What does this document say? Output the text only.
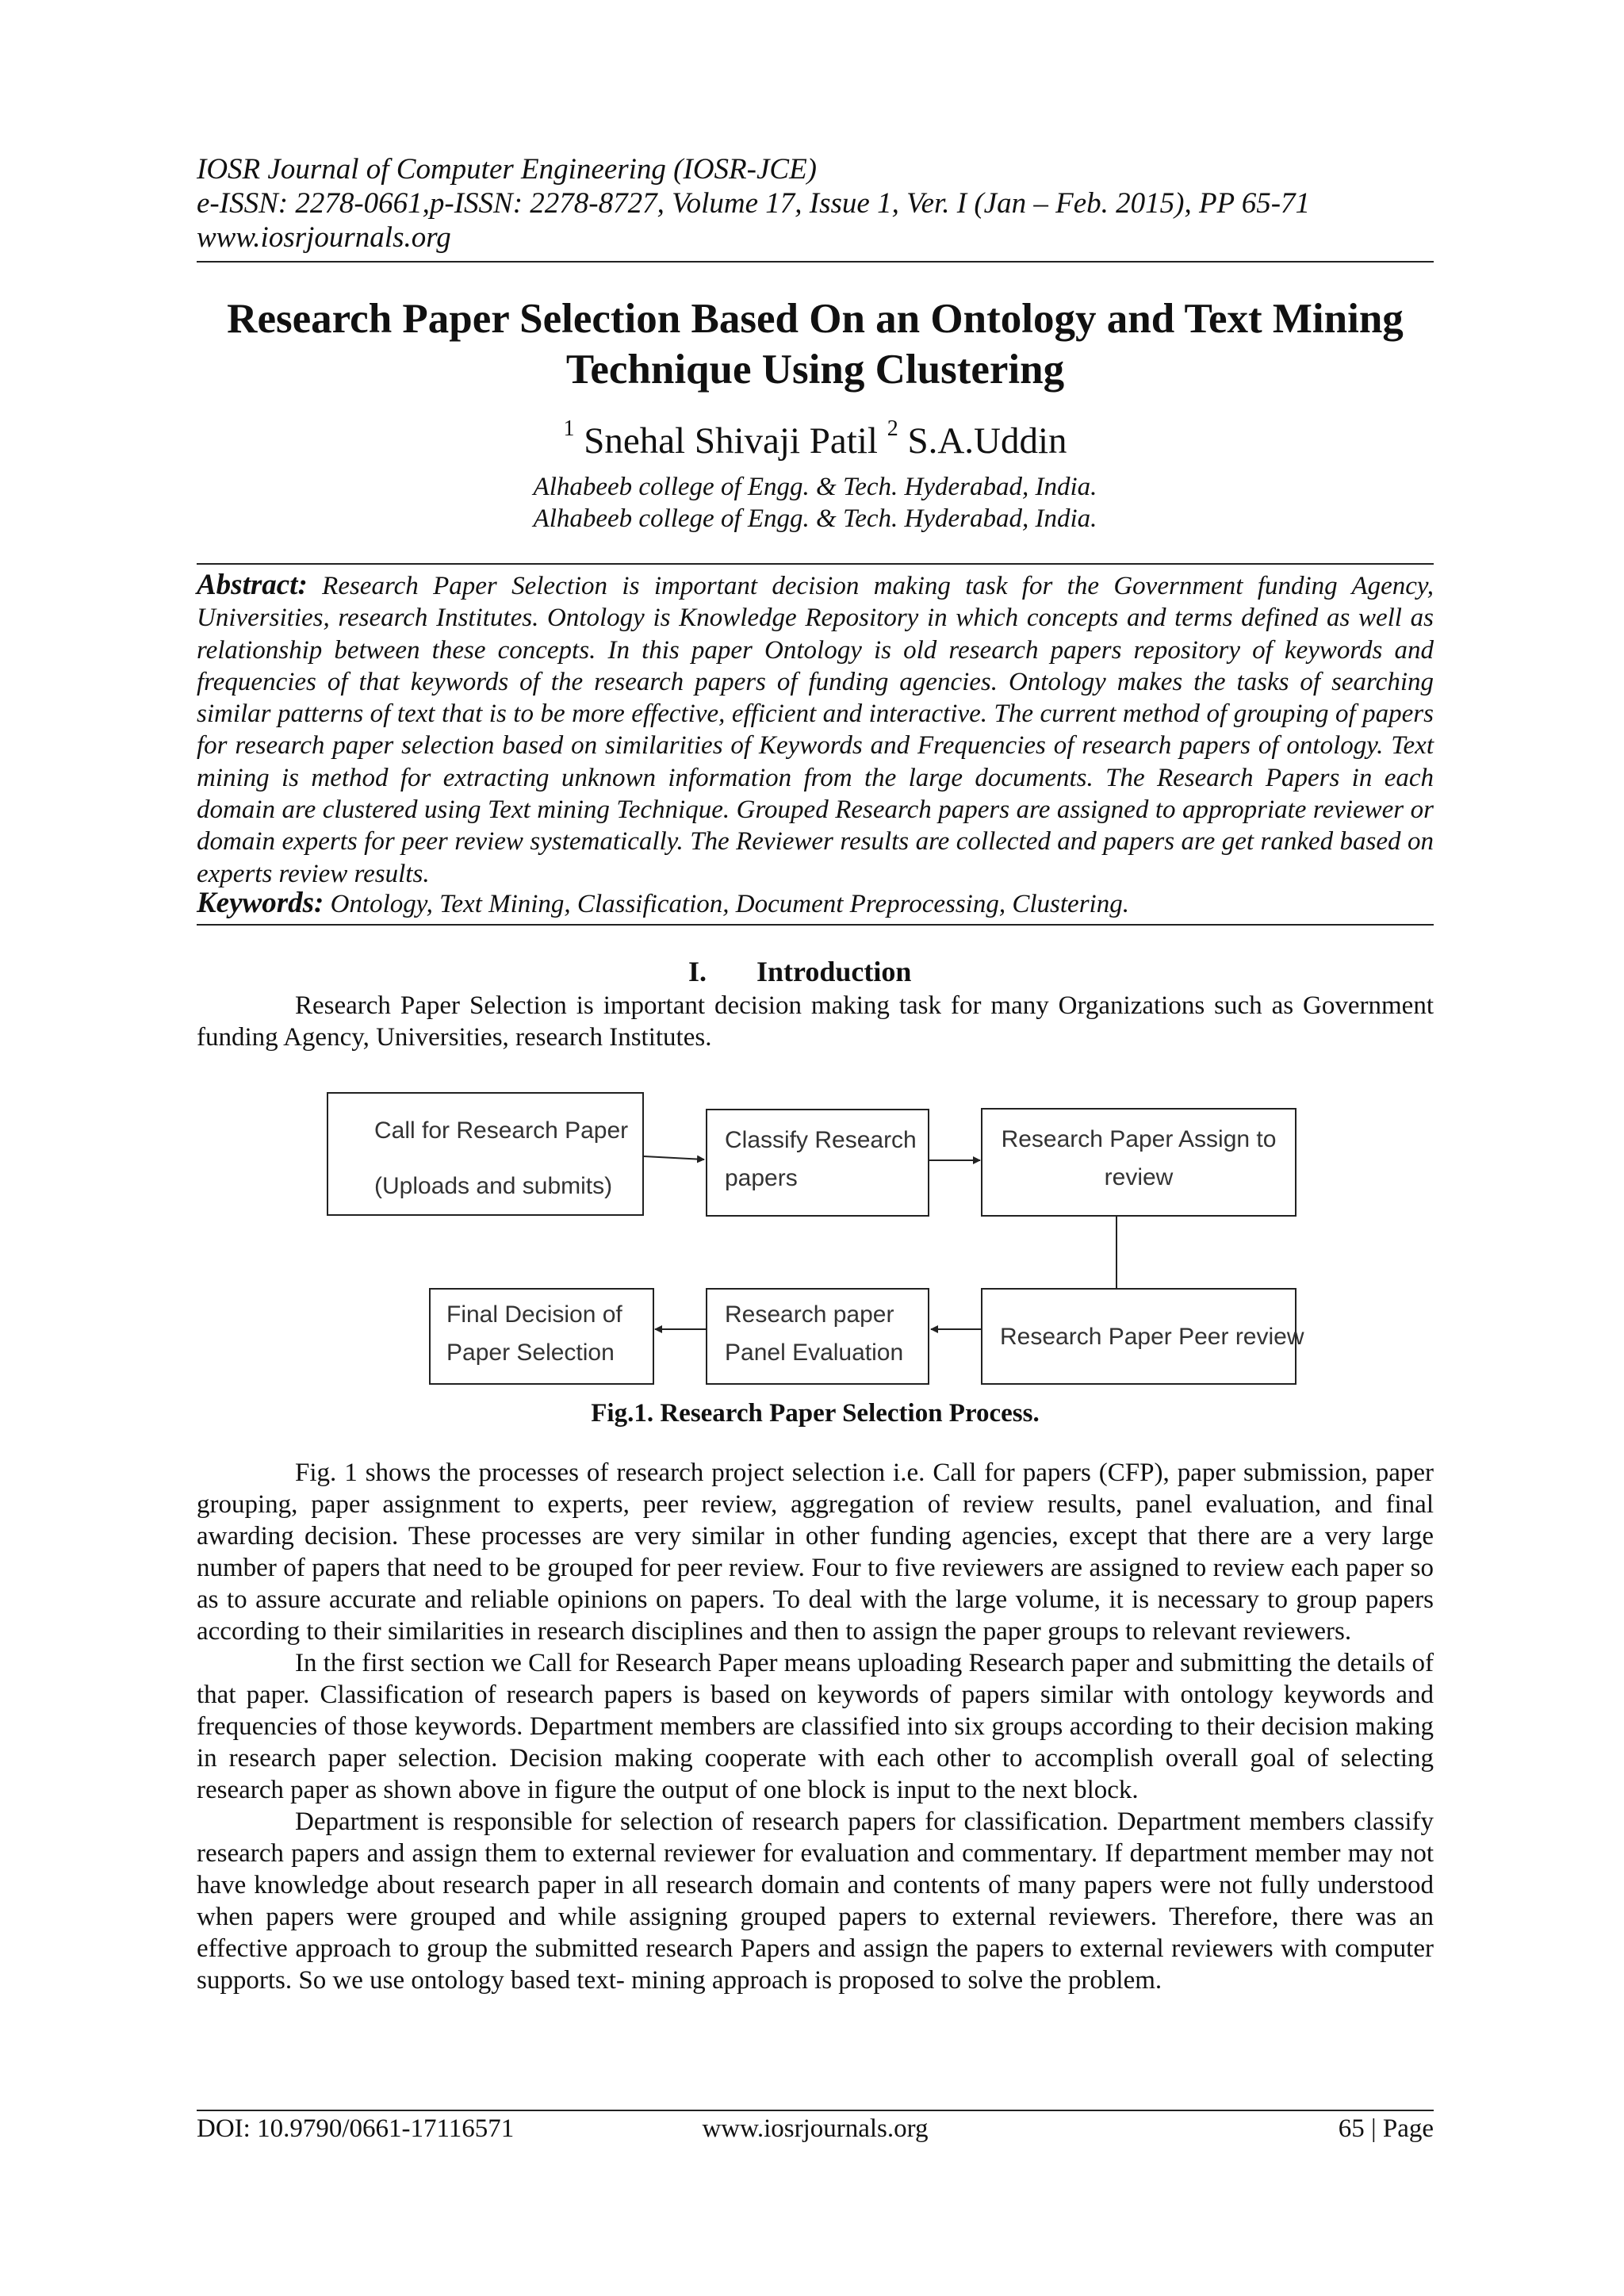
IOSR Journal of Computer Engineering (IOSR-JCE)
e-ISSN: 2278-0661,p-ISSN: 2278-8727, Volume 17, Issue 1, Ver. I (Jan – Feb. 2015), PP 65-71
www.iosrjournals.org
Research Paper Selection Based On an Ontology and Text Mining
Technique Using Clustering
$^1$ Snehal Shivaji Patil $^2$ S.A.Uddin
Alhabeeb college of Engg. & Tech. Hyderabad, India.
Alhabeeb college of Engg. & Tech. Hyderabad, India.
Abstract: Research Paper Selection is important decision making task for the Government funding Agency, Universities, research Institutes. Ontology is Knowledge Repository in which concepts and terms defined as well as relationship between these concepts. In this paper Ontology is old research papers repository of keywords and frequencies of that keywords of the research papers of funding agencies. Ontology makes the tasks of searching similar patterns of text that is to be more effective, efficient and interactive. The current method of grouping of papers for research paper selection based on similarities of Keywords and Frequencies of research papers of ontology. Text mining is method for extracting unknown information from the large documents. The Research Papers in each domain are clustered using Text mining Technique. Grouped Research papers are assigned to appropriate reviewer or domain experts for peer review systematically. The Reviewer results are collected and papers are get ranked based on experts review results.
Keywords: Ontology, Text Mining, Classification, Document Preprocessing, Clustering.
I. Introduction

Research Paper Selection is important decision making task for many Organizations such as Government funding Agency, Universities, research Institutes.

Call for Research Paper
(Uploads and submits)
Classify Research
papers
Research Paper Assign to
review
Final Decision of
Paper Selection
Research paper
Panel Evaluation
Research Paper Peer review
Fig.1. Research Paper Selection Process.

Fig. 1 shows the processes of research project selection i.e. Call for papers (CFP), paper submission, paper grouping, paper assignment to experts, peer review, aggregation of review results, panel evaluation, and final awarding decision. These processes are very similar in other funding agencies, except that there are a very large number of papers that need to be grouped for peer review. Four to five reviewers are assigned to review each paper so as to assure accurate and reliable opinions on papers. To deal with the large volume, it is necessary to group papers according to their similarities in research disciplines and then to assign the paper groups to relevant reviewers.

In the first section we Call for Research Paper means uploading Research paper and submitting the details of that paper. Classification of research papers is based on keywords of papers similar with ontology keywords and frequencies of those keywords. Department members are classified into six groups according to their decision making in research paper selection. Decision making cooperate with each other to accomplish overall goal of selecting research paper as shown above in figure the output of one block is input to the next block.

Department is responsible for selection of research papers for classification. Department members classify research papers and assign them to external reviewer for evaluation and commentary. If department member may not have knowledge about research paper in all research domain and contents of many papers were not fully understood when papers were grouped and while assigning grouped papers to external reviewers. Therefore, there was an effective approach to group the submitted research Papers and assign the papers to external reviewers with computer supports. So we use ontology based text- mining approach is proposed to solve the problem.

DOI: 10.9790/0661-17116571	www.iosrjournals.org	65 | Page
